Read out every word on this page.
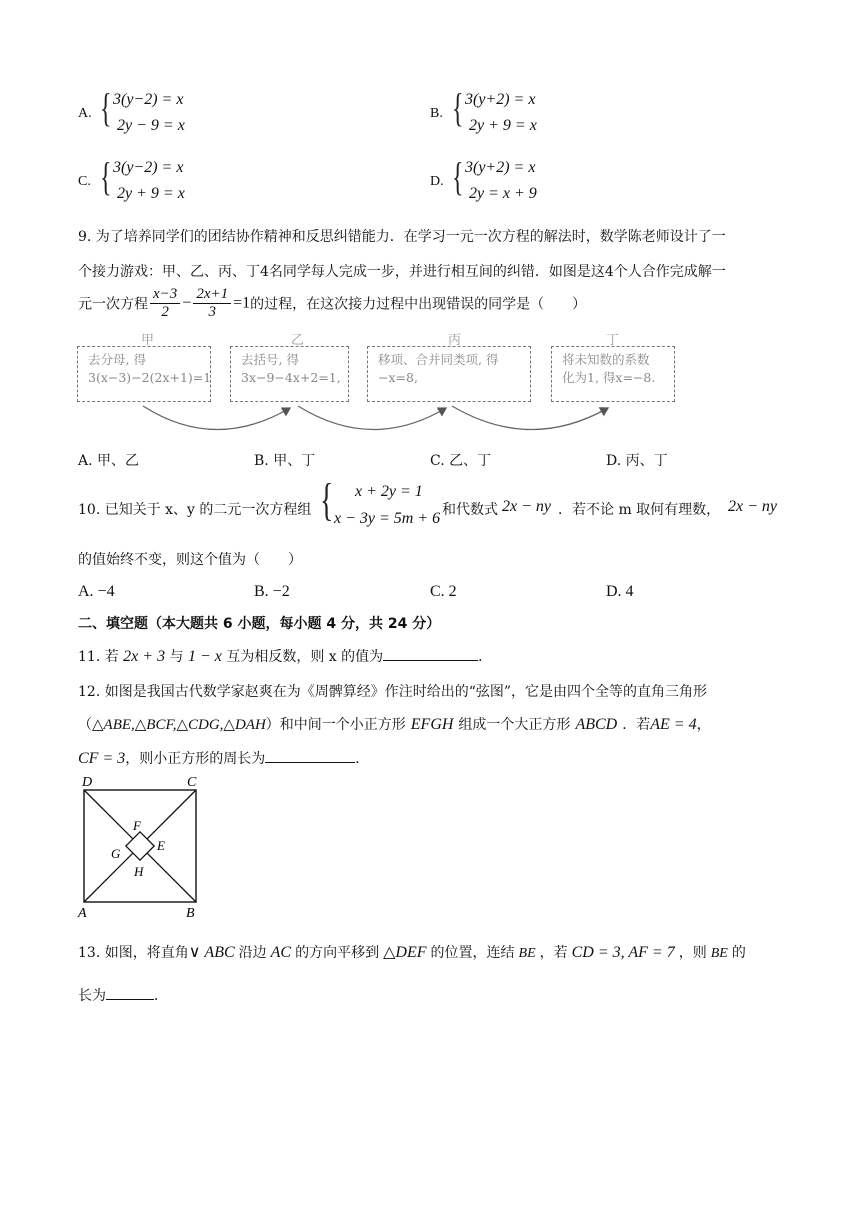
A. { 3(y−2) = x
2y − 9 = x
B. { 3(y+2) = x
2y + 9 = x
C. { 3(y−2) = x
2y + 9 = x
D. { 3(y+2) = x
2y = x + 9
9. 为了培养同学们的团结协作精神和反思纠错能力．在学习一元一次方程的解法时，数学陈老师设计了一
个接力游戏：甲、乙、丙、丁4名同学每人完成一步，并进行相互间的纠错．如图是这4个人合作完成解一
元一次方程 $\frac{x-3}{2} - \frac{2x+1}{3} =1$的过程，在这次接力过程中出现错误的同学是（　　）
甲	乙	丙	丁
去分母, 得
3(x−3)−2(2x+1)=1
去括号, 得
3x−9−4x+2=1,
移项、合并同类项, 得
−x=8,
将未知数的系数
化为1, 得x=−8.
A. 甲、乙	B. 甲、丁	C. 乙、丁	D. 丙、丁
10. 已知关于 x、y 的二元一次方程组 { x + 2y = 1
x − 3y = 5m + 6 和代数式 2x − ny ．若不论 m 取何有理数， 2x − ny
的值始终不变，则这个值为（　　）
A. −4	B. −2	C. 2	D. 4
二、填空题（本大题共 6 小题，每小题 4 分，共 24 分）
11. 若 2x + 3 与 1 − x 互为相反数，则 x 的值为	．
12. 如图是我国古代数学家赵爽在为《周髀算经》作注时给出的“弦图”，它是由四个全等的直角三角形
（△ABE,△BCF,△CDG,△DAH）和中间一个小正方形 EFGH 组成一个大正方形 ABCD ．若AE = 4，
CF = 3，则小正方形的周长为	．
D	C
A	B
F
G
E
H
13. 如图，将直角∨ ABC 沿边 AC 的方向平移到 △DEF 的位置，连结 BE ，若 CD = 3, AF = 7 ，则 BE 的
长为	．
